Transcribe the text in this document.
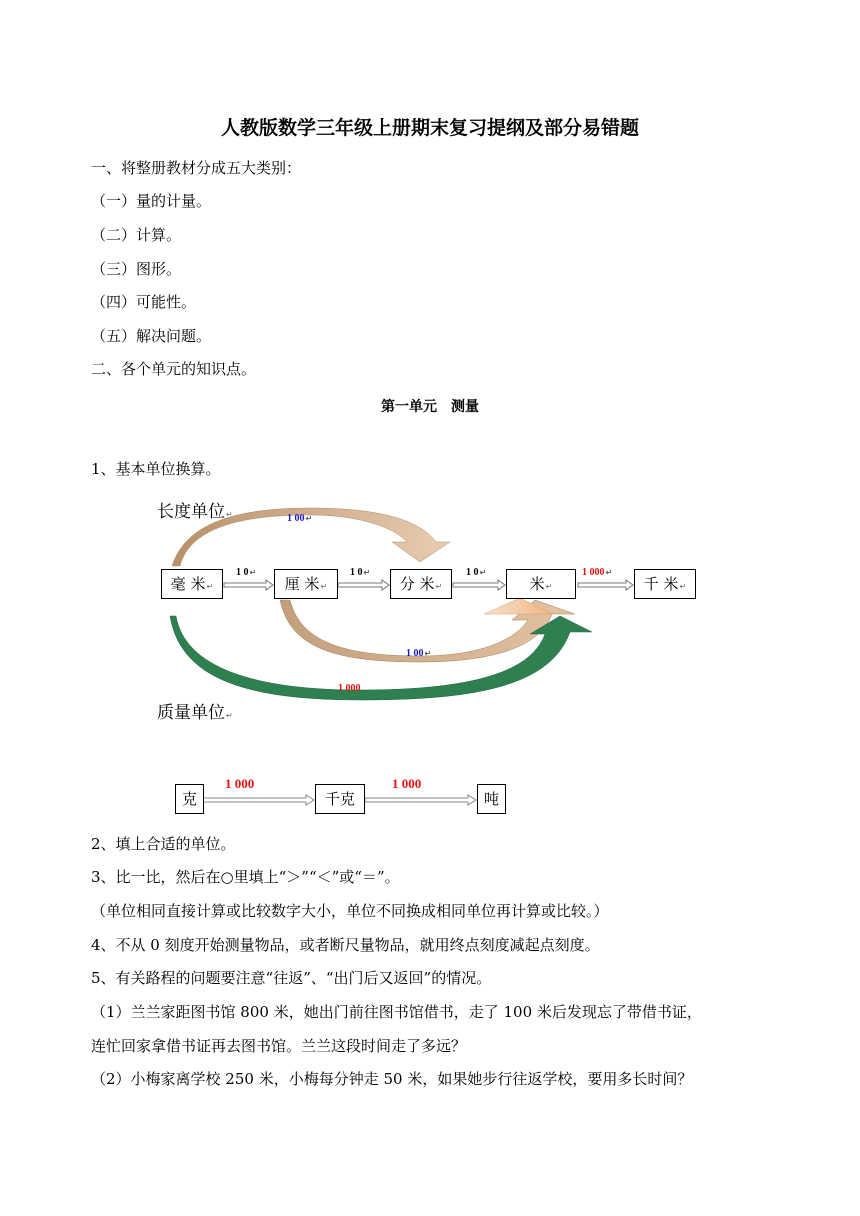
人教版数学三年级上册期末复习提纲及部分易错题
一、将整册教材分成五大类别：
（一）量的计量。
（二）计算。
（三）图形。
（四）可能性。
（五）解决问题。
二、各个单元的知识点。
第一单元　测量
1、基本单位换算。
长度单位↵
质量单位↵
毫 米↵	厘 米↵	分 米↵	米↵	千 米↵
1 0↵	1 0↵	1 0↵	1 000↵
1 00↵
1 00↵
1 000
克	千克	吨
1 000	1 000
2、填上合适的单位。
3、比一比，然后在○里填上“＞”“＜”或“＝”。
（单位相同直接计算或比较数字大小，单位不同换成相同单位再计算或比较。）
4、不从 0 刻度开始测量物品，或者断尺量物品，就用终点刻度减起点刻度。
5、有关路程的问题要注意“往返”、“出门后又返回”的情况。
（1）兰兰家距图书馆 800 米，她出门前往图书馆借书，走了 100 米后发现忘了带借书证，
连忙回家拿借书证再去图书馆。兰兰这段时间走了多远？
（2）小梅家离学校 250 米，小梅每分钟走 50 米，如果她步行往返学校，要用多长时间？
